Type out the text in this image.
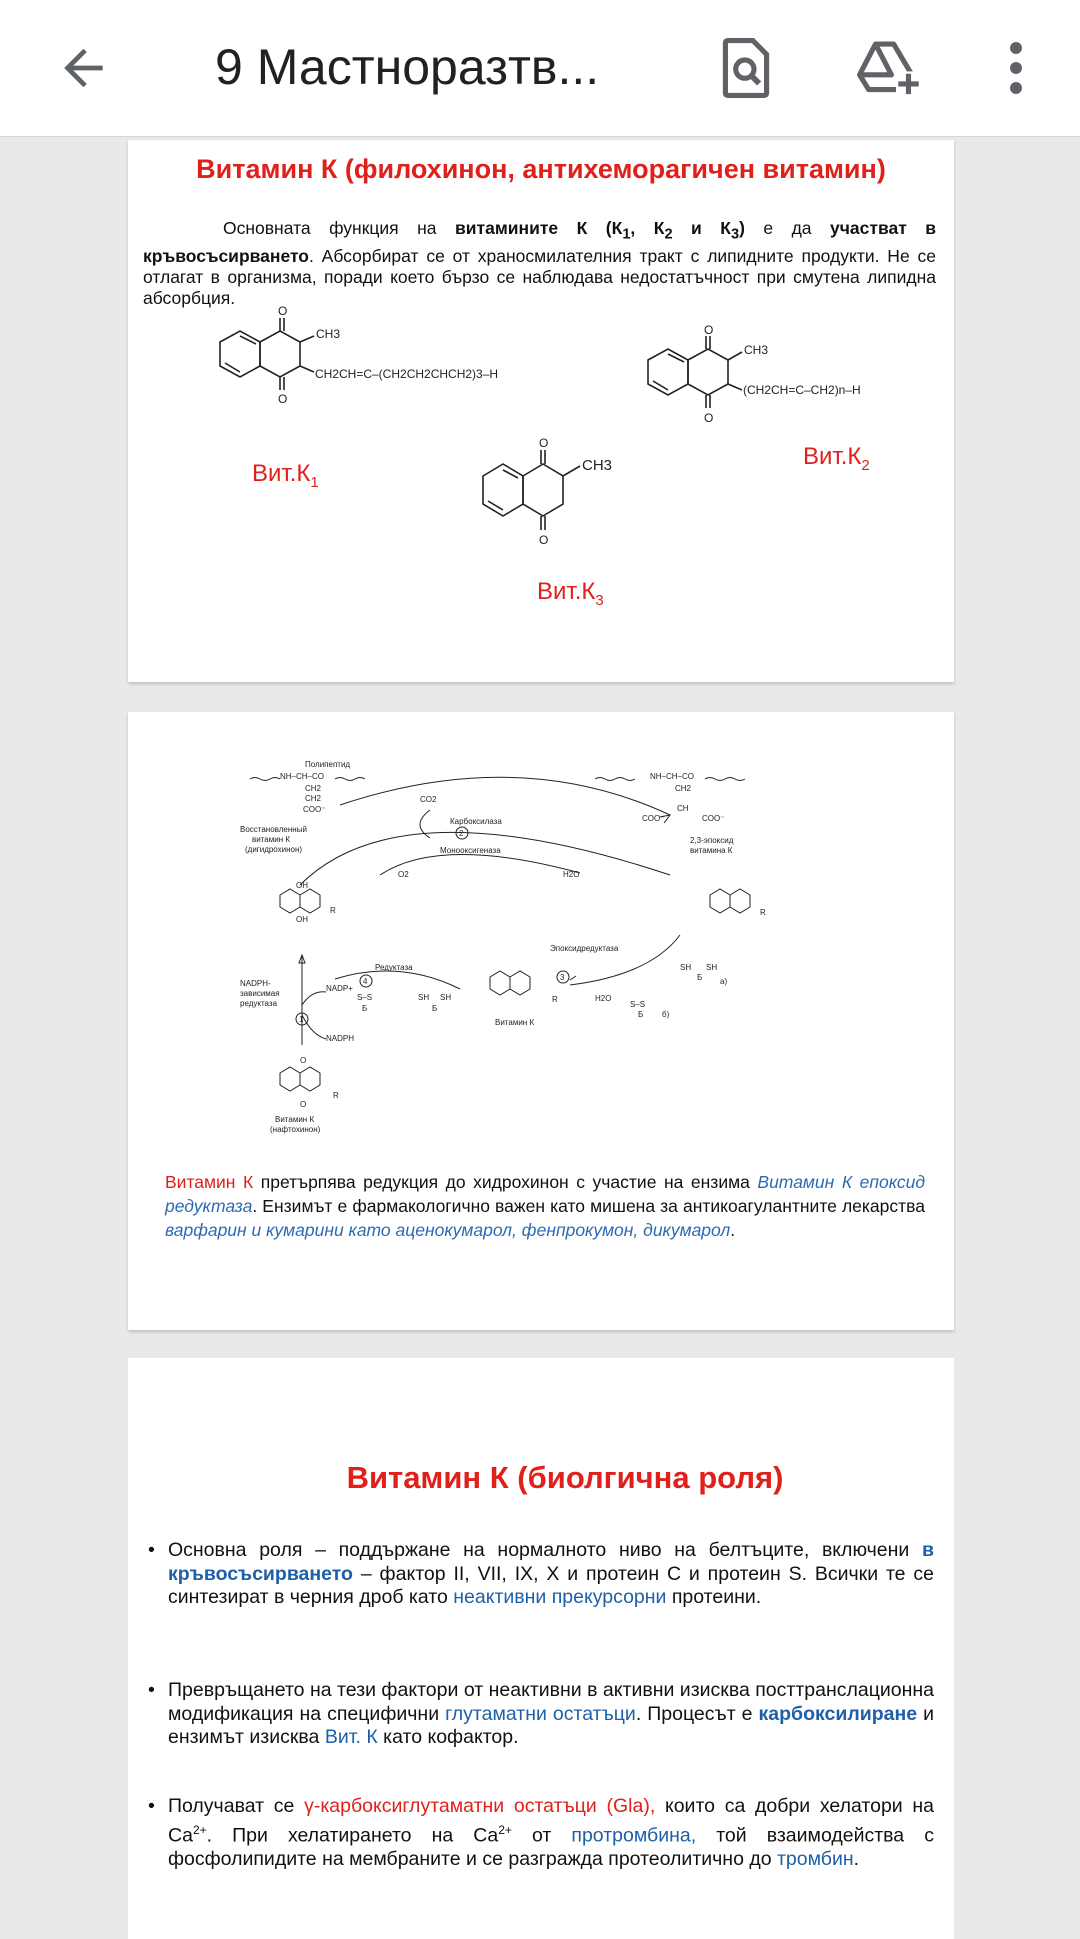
9 Мастноразтв...
Витамин К (филохинон, антихеморагичен витамин)
Основната функция на витамините К ($К_1$, $К_2$ и $К_3$) е да участват в кръвосъсирването. Абсорбират се от храносмилателния тракт с липидните продукти. Не се отлагат в организма, поради което бързо се наблюдава недостатъчност при смутена липидна абсорбция.
O
O
CH3
CH2CH=C–(CH2CH2CHCH2)3–H
O
O
CH3
(CH2CH=C–CH2)n–H
O
O
CH3
$Вит.К_1$
$Вит.К_2$
$Вит.К_3$
Полипептид
NH–CH–CO
CH2
CH2
COO⁻
Восстановленный
витамин К
(дигидрохинон)
CO2
Карбоксилаза
Монооксигеназа
O2	H2O
NH–CH–CO
CH2
CH
COO⁻	COO⁻
2,3-эпоксид
витамина К
Эпоксидредуктаза
Редуктаза
NADPH-
зависимая
редуктаза
NADP+
NADPH
Витамин К
Витамин К
(нафтохинон)
OH
OH
R	R
R
R
O
O
SH SH
Б а)
H2O
S–S
Б б)
SH SH
Б
S–S
Б
2
3
4
1
Витамин К претърпява редукция до хидрохинон с участие на ензима Витамин К епоксид редуктаза. Ензимът е фармакологично важен като мишена за антикоагулантните лекарства варфарин и кумарини като аценокумарол, фенпрокумон, дикумарол.
Витамин К (биолгична роля)
• Основна роля – поддържане на нормалното ниво на белтъците, включени в кръвосъсирването – фактор II, VII, IX, X и протеин C и протеин S. Всички те се синтезират в черния дроб като неактивни прекурсорни протеини.
• Превръщането на тези фактори от неактивни в активни изисква посттранслационна модификация на специфични глутаматни остатъци. Процесът е карбоксилиране и ензимът изисква Вит. К като кофактор.
• Получават се γ-карбоксиглутаматни остатъци (Gla), които са добри хелатори на $Ca^{2+}$. При хелатирането на $Ca^{2+}$ от протромбина, той взаимодейства с фосфолипидите на мембраните и се разгражда протеолитично до тромбин.
